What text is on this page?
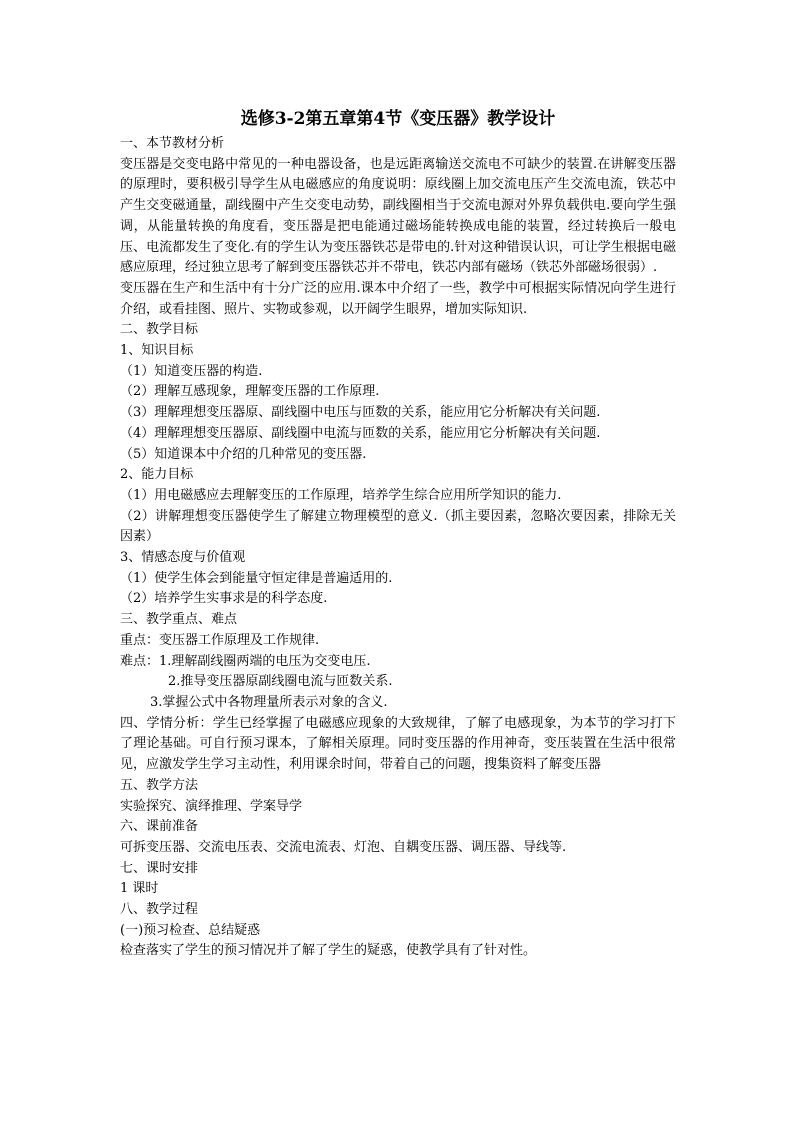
选修3-2第五章第4节《变压器》教学设计
一、本节教材分析
变压器是交变电路中常见的一种电器设备，也是远距离输送交流电不可缺少的装置.在讲解变压器的原理时，要积极引导学生从电磁感应的角度说明：原线圈上加交流电压产生交流电流，铁芯中产生交变磁通量，副线圈中产生交变电动势，副线圈相当于交流电源对外界负载供电.要向学生强调，从能量转换的角度看，变压器是把电能通过磁场能转换成电能的装置，经过转换后一般电压、电流都发生了变化.有的学生认为变压器铁芯是带电的.针对这种错误认识，可让学生根据电磁感应原理，经过独立思考了解到变压器铁芯并不带电，铁芯内部有磁场（铁芯外部磁场很弱）.
变压器在生产和生活中有十分广泛的应用.课本中介绍了一些，教学中可根据实际情况向学生进行介绍，或看挂图、照片、实物或参观，以开阔学生眼界，增加实际知识.
二、教学目标
1、知识目标
（1）知道变压器的构造.
（2）理解互感现象，理解变压器的工作原理.
（3）理解理想变压器原、副线圈中电压与匝数的关系，能应用它分析解决有关问题.
（4）理解理想变压器原、副线圈中电流与匝数的关系，能应用它分析解决有关问题.
（5）知道课本中介绍的几种常见的变压器.
2、能力目标
（1）用电磁感应去理解变压的工作原理，培养学生综合应用所学知识的能力.
（2）讲解理想变压器使学生了解建立物理模型的意义.（抓主要因素，忽略次要因素，排除无关因素）
3、情感态度与价值观
（1）使学生体会到能量守恒定律是普遍适用的.
（2）培养学生实事求是的科学态度.
三、教学重点、难点
重点：变压器工作原理及工作规律.
难点：1.理解副线圈两端的电压为交变电压.
2.推导变压器原副线圈电流与匝数关系.
3.掌握公式中各物理量所表示对象的含义.
四、学情分析：学生已经掌握了电磁感应现象的大致规律，了解了电感现象，为本节的学习打下了理论基础。可自行预习课本，了解相关原理。同时变压器的作用神奇，变压装置在生活中很常见，应激发学生学习主动性，利用课余时间，带着自己的问题，搜集资料了解变压器
五、教学方法
实验探究、演绎推理、学案导学
六、课前准备
可拆变压器、交流电压表、交流电流表、灯泡、自耦变压器、调压器、导线等.
七、课时安排
1 课时
八、教学过程
(一)预习检查、总结疑惑
检查落实了学生的预习情况并了解了学生的疑惑，使教学具有了针对性。
